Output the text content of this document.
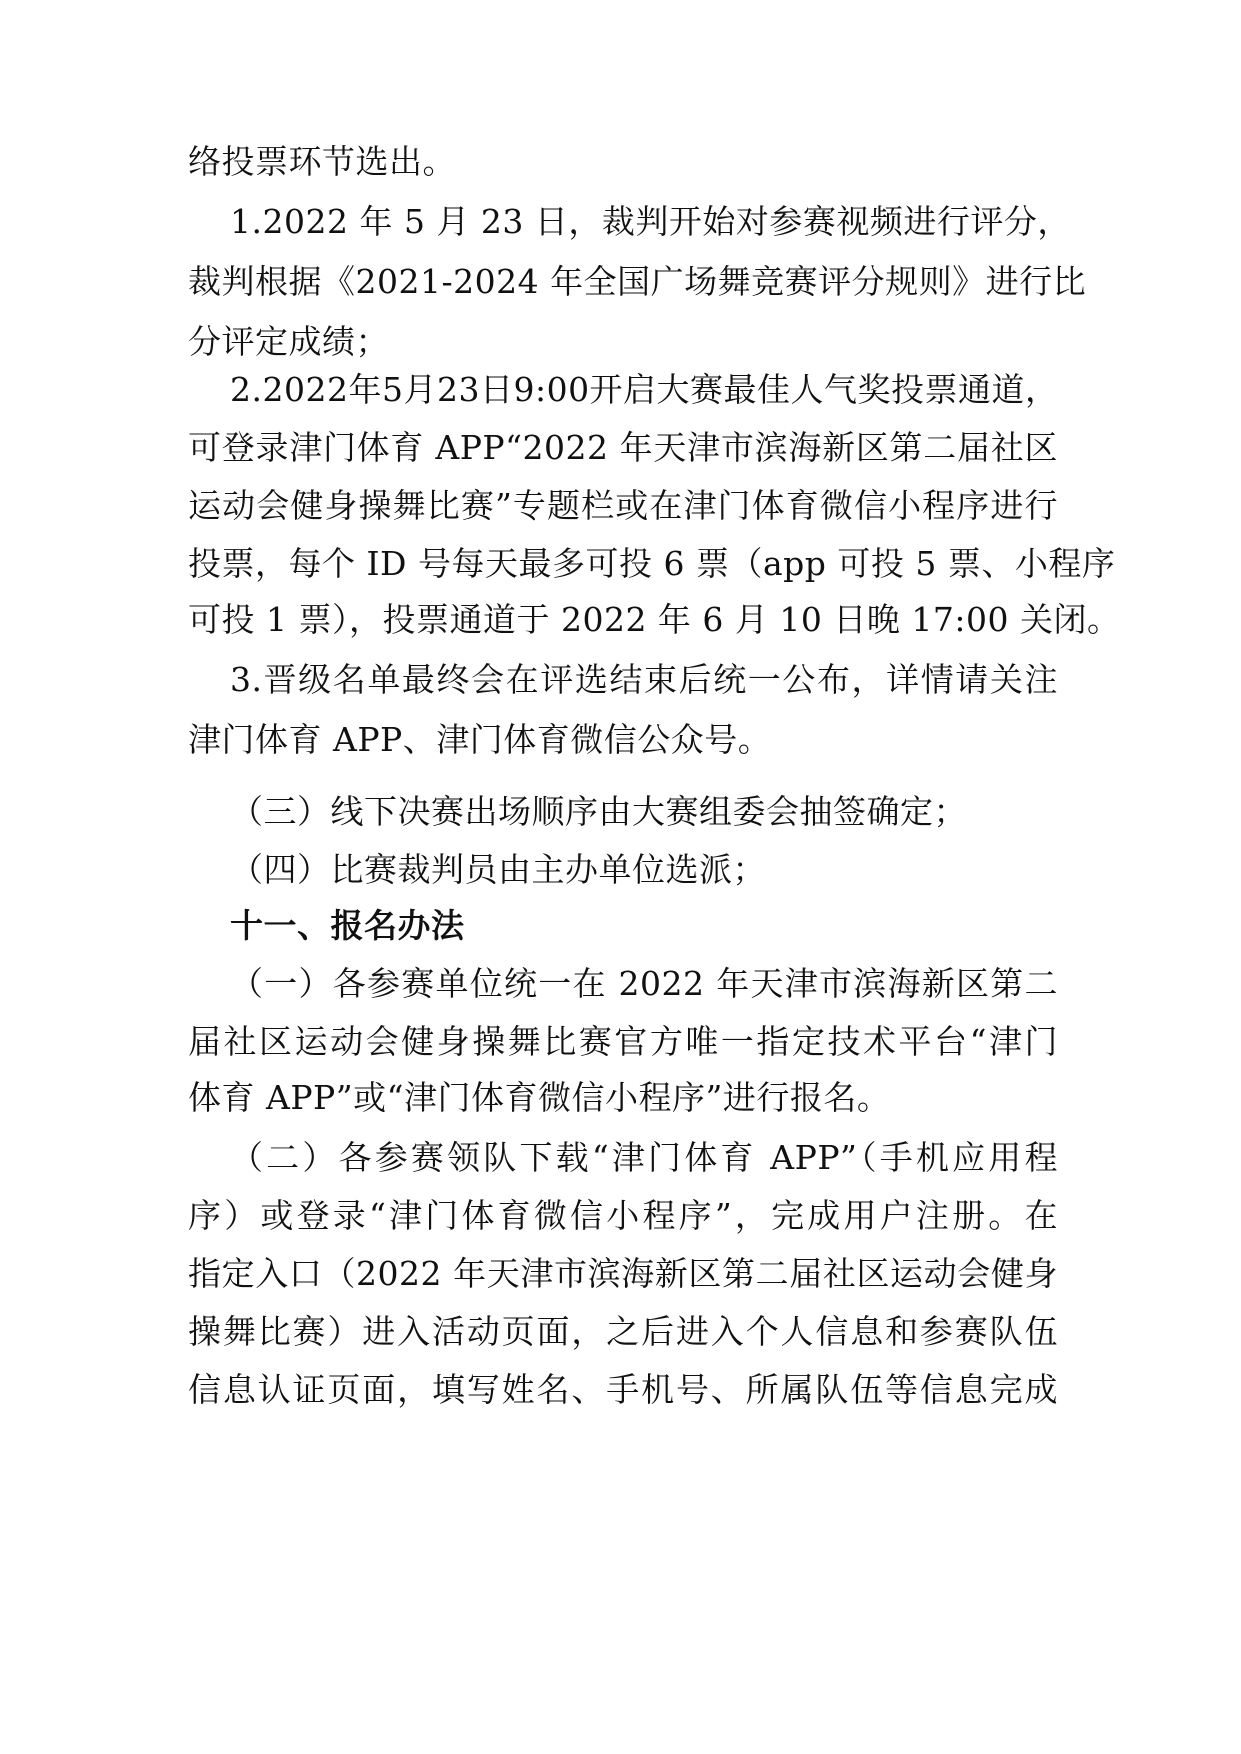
络投票环节选出。
1.2022 年 5 月 23 日，裁判开始对参赛视频进行评分，
裁判根据《2021-2024 年全国广场舞竞赛评分规则》进行比
分评定成绩；
2.2022年5月23日9:00开启大赛最佳人气奖投票通道，
可登录津门体育 APP“2022 年天津市滨海新区第二届社区
运动会健身操舞比赛”专题栏或在津门体育微信小程序进行
投票，每个 ID 号每天最多可投 6 票（app 可投 5 票、小程序
可投 1 票），投票通道于 2022 年 6 月 10 日晚 17:00 关闭。
3.晋级名单最终会在评选结束后统一公布，详情请关注
津门体育 APP、津门体育微信公众号。
（三）线下决赛出场顺序由大赛组委会抽签确定；
（四）比赛裁判员由主办单位选派；
十一、报名办法
（一）各参赛单位统一在 2022 年天津市滨海新区第二
届社区运动会健身操舞比赛官方唯一指定技术平台“津门
体育 APP”或“津门体育微信小程序”进行报名。
（二）各参赛领队下载“津门体育 APP”（手机应用程
序）或登录“津门体育微信小程序”，完成用户注册。在
指定入口（2022 年天津市滨海新区第二届社区运动会健身
操舞比赛）进入活动页面，之后进入个人信息和参赛队伍
信息认证页面，填写姓名、手机号、所属队伍等信息完成
